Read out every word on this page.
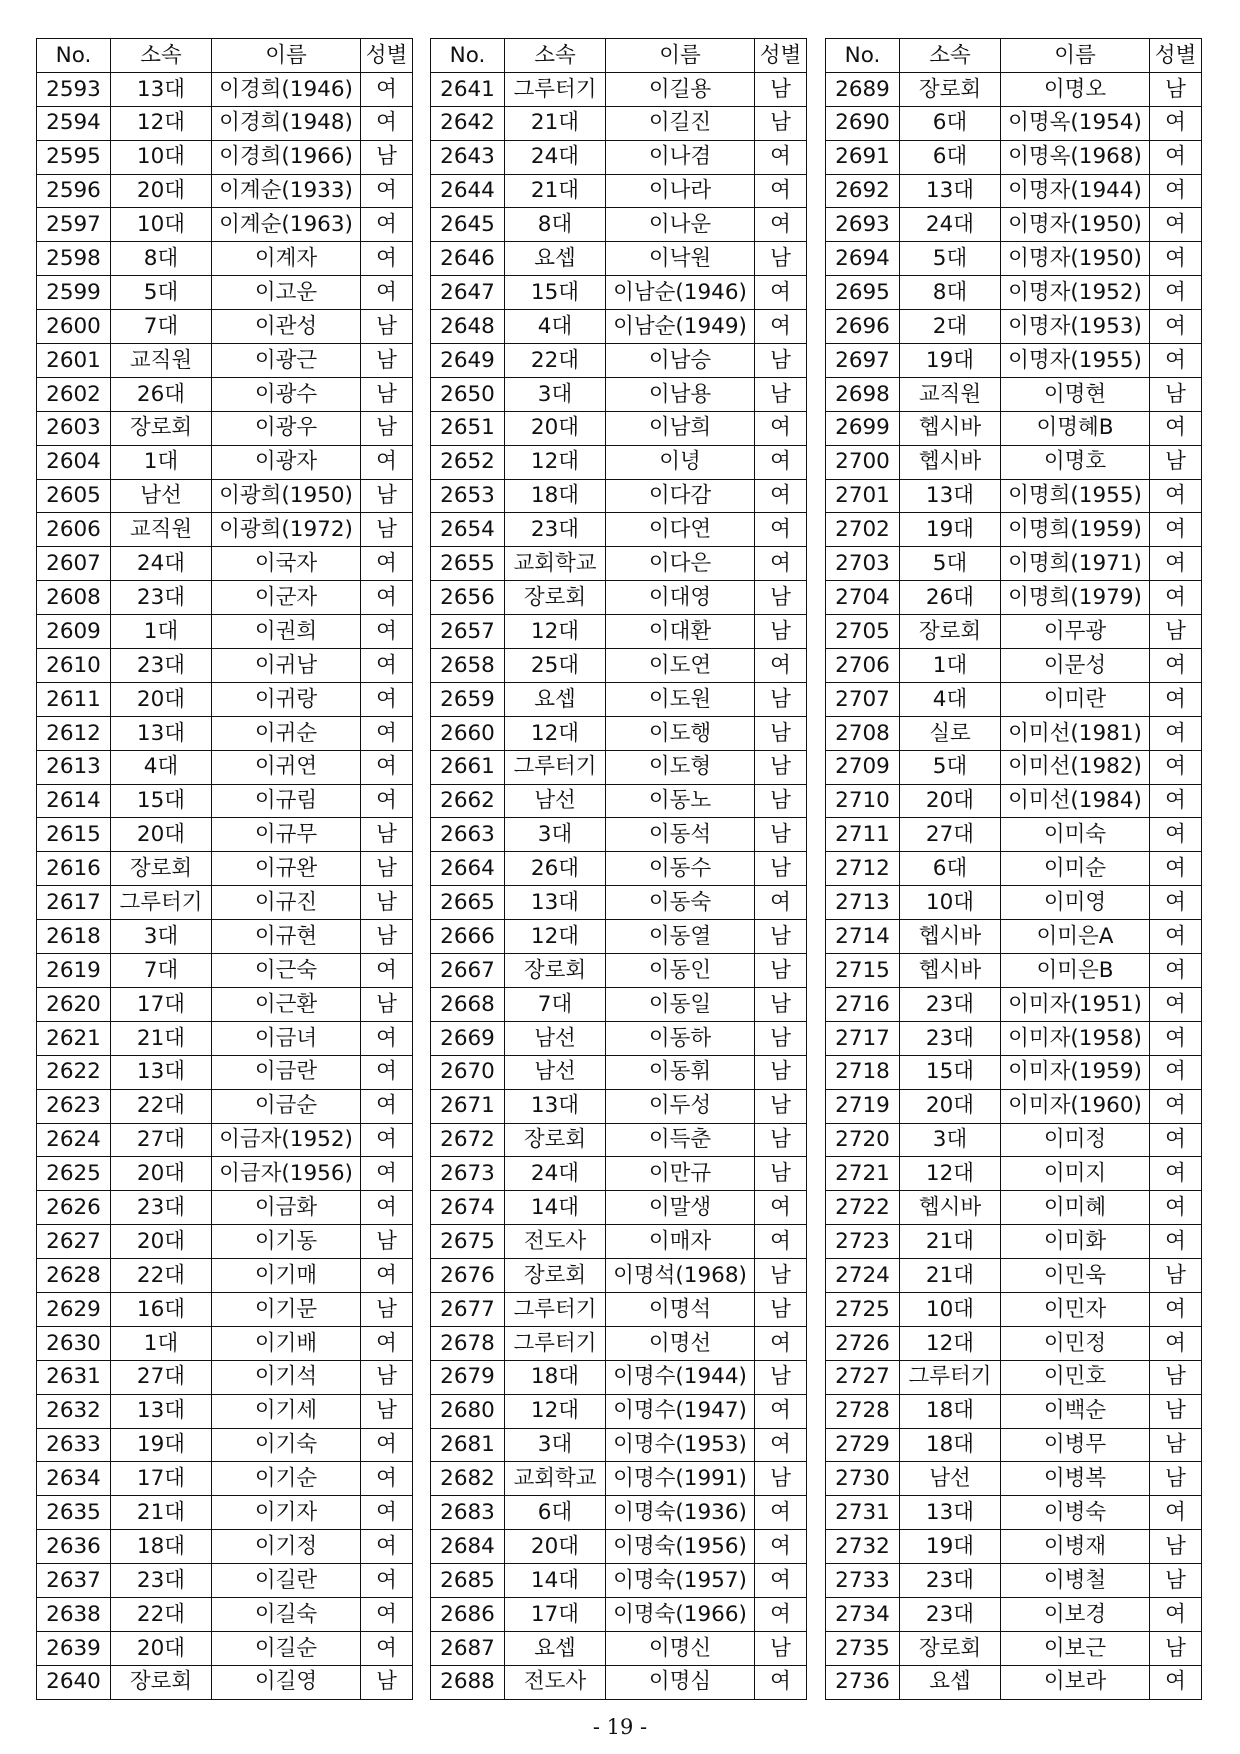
No.	소속	이름	성별
2593	13대	이경희(1946)	여
2594	12대	이경희(1948)	여
2595	10대	이경희(1966)	남
2596	20대	이계순(1933)	여
2597	10대	이계순(1963)	여
2598	8대	이계자	여
2599	5대	이고운	여
2600	7대	이관성	남
2601	교직원	이광근	남
2602	26대	이광수	남
2603	장로회	이광우	남
2604	1대	이광자	여
2605	남선	이광희(1950)	남
2606	교직원	이광희(1972)	남
2607	24대	이국자	여
2608	23대	이군자	여
2609	1대	이권희	여
2610	23대	이귀남	여
2611	20대	이귀랑	여
2612	13대	이귀순	여
2613	4대	이귀연	여
2614	15대	이규림	여
2615	20대	이규무	남
2616	장로회	이규완	남
2617	그루터기	이규진	남
2618	3대	이규현	남
2619	7대	이근숙	여
2620	17대	이근환	남
2621	21대	이금녀	여
2622	13대	이금란	여
2623	22대	이금순	여
2624	27대	이금자(1952)	여
2625	20대	이금자(1956)	여
2626	23대	이금화	여
2627	20대	이기동	남
2628	22대	이기매	여
2629	16대	이기문	남
2630	1대	이기배	여
2631	27대	이기석	남
2632	13대	이기세	남
2633	19대	이기숙	여
2634	17대	이기순	여
2635	21대	이기자	여
2636	18대	이기정	여
2637	23대	이길란	여
2638	22대	이길숙	여
2639	20대	이길순	여
2640	장로회	이길영	남
No.	소속	이름	성별
2641	그루터기	이길용	남
2642	21대	이길진	남
2643	24대	이나겸	여
2644	21대	이나라	여
2645	8대	이나운	여
2646	요셉	이낙원	남
2647	15대	이남순(1946)	여
2648	4대	이남순(1949)	여
2649	22대	이남승	남
2650	3대	이남용	남
2651	20대	이남희	여
2652	12대	이녕	여
2653	18대	이다감	여
2654	23대	이다연	여
2655	교회학교	이다은	여
2656	장로회	이대영	남
2657	12대	이대환	남
2658	25대	이도연	여
2659	요셉	이도원	남
2660	12대	이도행	남
2661	그루터기	이도형	남
2662	남선	이동노	남
2663	3대	이동석	남
2664	26대	이동수	남
2665	13대	이동숙	여
2666	12대	이동열	남
2667	장로회	이동인	남
2668	7대	이동일	남
2669	남선	이동하	남
2670	남선	이동휘	남
2671	13대	이두성	남
2672	장로회	이득춘	남
2673	24대	이만규	남
2674	14대	이말생	여
2675	전도사	이매자	여
2676	장로회	이명석(1968)	남
2677	그루터기	이명석	남
2678	그루터기	이명선	여
2679	18대	이명수(1944)	남
2680	12대	이명수(1947)	여
2681	3대	이명수(1953)	여
2682	교회학교	이명수(1991)	남
2683	6대	이명숙(1936)	여
2684	20대	이명숙(1956)	여
2685	14대	이명숙(1957)	여
2686	17대	이명숙(1966)	여
2687	요셉	이명신	남
2688	전도사	이명심	여
No.	소속	이름	성별
2689	장로회	이명오	남
2690	6대	이명옥(1954)	여
2691	6대	이명옥(1968)	여
2692	13대	이명자(1944)	여
2693	24대	이명자(1950)	여
2694	5대	이명자(1950)	여
2695	8대	이명자(1952)	여
2696	2대	이명자(1953)	여
2697	19대	이명자(1955)	여
2698	교직원	이명현	남
2699	헵시바	이명혜B	여
2700	헵시바	이명호	남
2701	13대	이명희(1955)	여
2702	19대	이명희(1959)	여
2703	5대	이명희(1971)	여
2704	26대	이명희(1979)	여
2705	장로회	이무광	남
2706	1대	이문성	여
2707	4대	이미란	여
2708	실로	이미선(1981)	여
2709	5대	이미선(1982)	여
2710	20대	이미선(1984)	여
2711	27대	이미숙	여
2712	6대	이미순	여
2713	10대	이미영	여
2714	헵시바	이미은A	여
2715	헵시바	이미은B	여
2716	23대	이미자(1951)	여
2717	23대	이미자(1958)	여
2718	15대	이미자(1959)	여
2719	20대	이미자(1960)	여
2720	3대	이미정	여
2721	12대	이미지	여
2722	헵시바	이미혜	여
2723	21대	이미화	여
2724	21대	이민욱	남
2725	10대	이민자	여
2726	12대	이민정	여
2727	그루터기	이민호	남
2728	18대	이백순	남
2729	18대	이병무	남
2730	남선	이병복	남
2731	13대	이병숙	여
2732	19대	이병재	남
2733	23대	이병철	남
2734	23대	이보경	여
2735	장로회	이보근	남
2736	요셉	이보라	여
- 19 -
